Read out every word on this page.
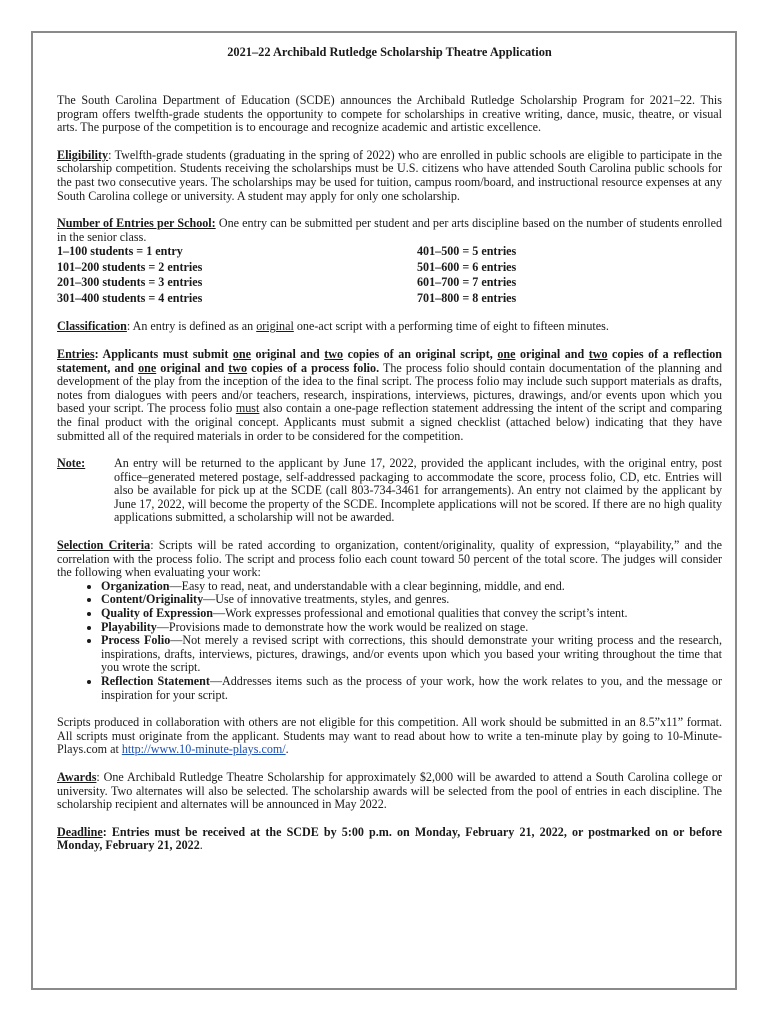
2021–22 Archibald Rutledge Scholarship Theatre Application

The South Carolina Department of Education (SCDE) announces the Archibald Rutledge Scholarship Program for 2021–22. This program offers twelfth-grade students the opportunity to compete for scholarships in creative writing, dance, music, theatre, or visual arts. The purpose of the competition is to encourage and recognize academic and artistic excellence.

Eligibility: Twelfth-grade students (graduating in the spring of 2022) who are enrolled in public schools are eligible to participate in the scholarship competition. Students receiving the scholarships must be U.S. citizens who have attended South Carolina public schools for the past two consecutive years. The scholarships may be used for tuition, campus room/board, and instructional resource expenses at any South Carolina college or university. A student may apply for only one scholarship.

Number of Entries per School: One entry can be submitted per student and per arts discipline based on the number of students enrolled in the senior class.

1–100 students = 1 entry
101–200 students = 2 entries
201–300 students = 3 entries
301–400 students = 4 entries
401–500 = 5 entries
501–600 = 6 entries
601–700 = 7 entries
701–800 = 8 entries

Classification: An entry is defined as an original one-act script with a performing time of eight to fifteen minutes.

Entries: Applicants must submit one original and two copies of an original script, one original and two copies of a reflection statement, and one original and two copies of a process folio. The process folio should contain documentation of the planning and development of the play from the inception of the idea to the final script. The process folio may include such support materials as drafts, notes from dialogues with peers and/or teachers, research, inspirations, interviews, pictures, drawings, and/or events upon which you based your script. The process folio must also contain a one-page reflection statement addressing the intent of the script and comparing the final product with the original concept. Applicants must submit a signed checklist (attached below) indicating that they have submitted all of the required materials in order to be considered for the competition.

Note:	An entry will be returned to the applicant by June 17, 2022, provided the applicant includes, with the original entry, post office–generated metered postage, self-addressed packaging to accommodate the score, process folio, CD, etc. Entries will also be available for pick up at the SCDE (call 803-734-3461 for arrangements). An entry not claimed by the applicant by June 17, 2022, will become the property of the SCDE. Incomplete applications will not be scored. If there are no high quality applications submitted, a scholarship will not be awarded.

Selection Criteria: Scripts will be rated according to organization, content/originality, quality of expression, “playability,” and the correlation with the process folio. The script and process folio each count toward 50 percent of the total score. The judges will consider the following when evaluating your work:

• Organization—Easy to read, neat, and understandable with a clear beginning, middle, and end.
• Content/Originality—Use of innovative treatments, styles, and genres.
• Quality of Expression—Work expresses professional and emotional qualities that convey the script’s intent.
• Playability—Provisions made to demonstrate how the work would be realized on stage.
• Process Folio—Not merely a revised script with corrections, this should demonstrate your writing process and the research, inspirations, drafts, interviews, pictures, drawings, and/or events upon which you based your writing throughout the time that you wrote the script.
• Reflection Statement—Addresses items such as the process of your work, how the work relates to you, and the message or inspiration for your script.

Scripts produced in collaboration with others are not eligible for this competition. All work should be submitted in an 8.5”x11” format. All scripts must originate from the applicant. Students may want to read about how to write a ten-minute play by going to 10-Minute-Plays.com at http://www.10-minute-plays.com/.

Awards: One Archibald Rutledge Theatre Scholarship for approximately $2,000 will be awarded to attend a South Carolina college or university. Two alternates will also be selected. The scholarship awards will be selected from the pool of entries in each discipline. The scholarship recipient and alternates will be announced in May 2022.

Deadline: Entries must be received at the SCDE by 5:00 p.m. on Monday, February 21, 2022, or postmarked on or before Monday, February 21, 2022.
